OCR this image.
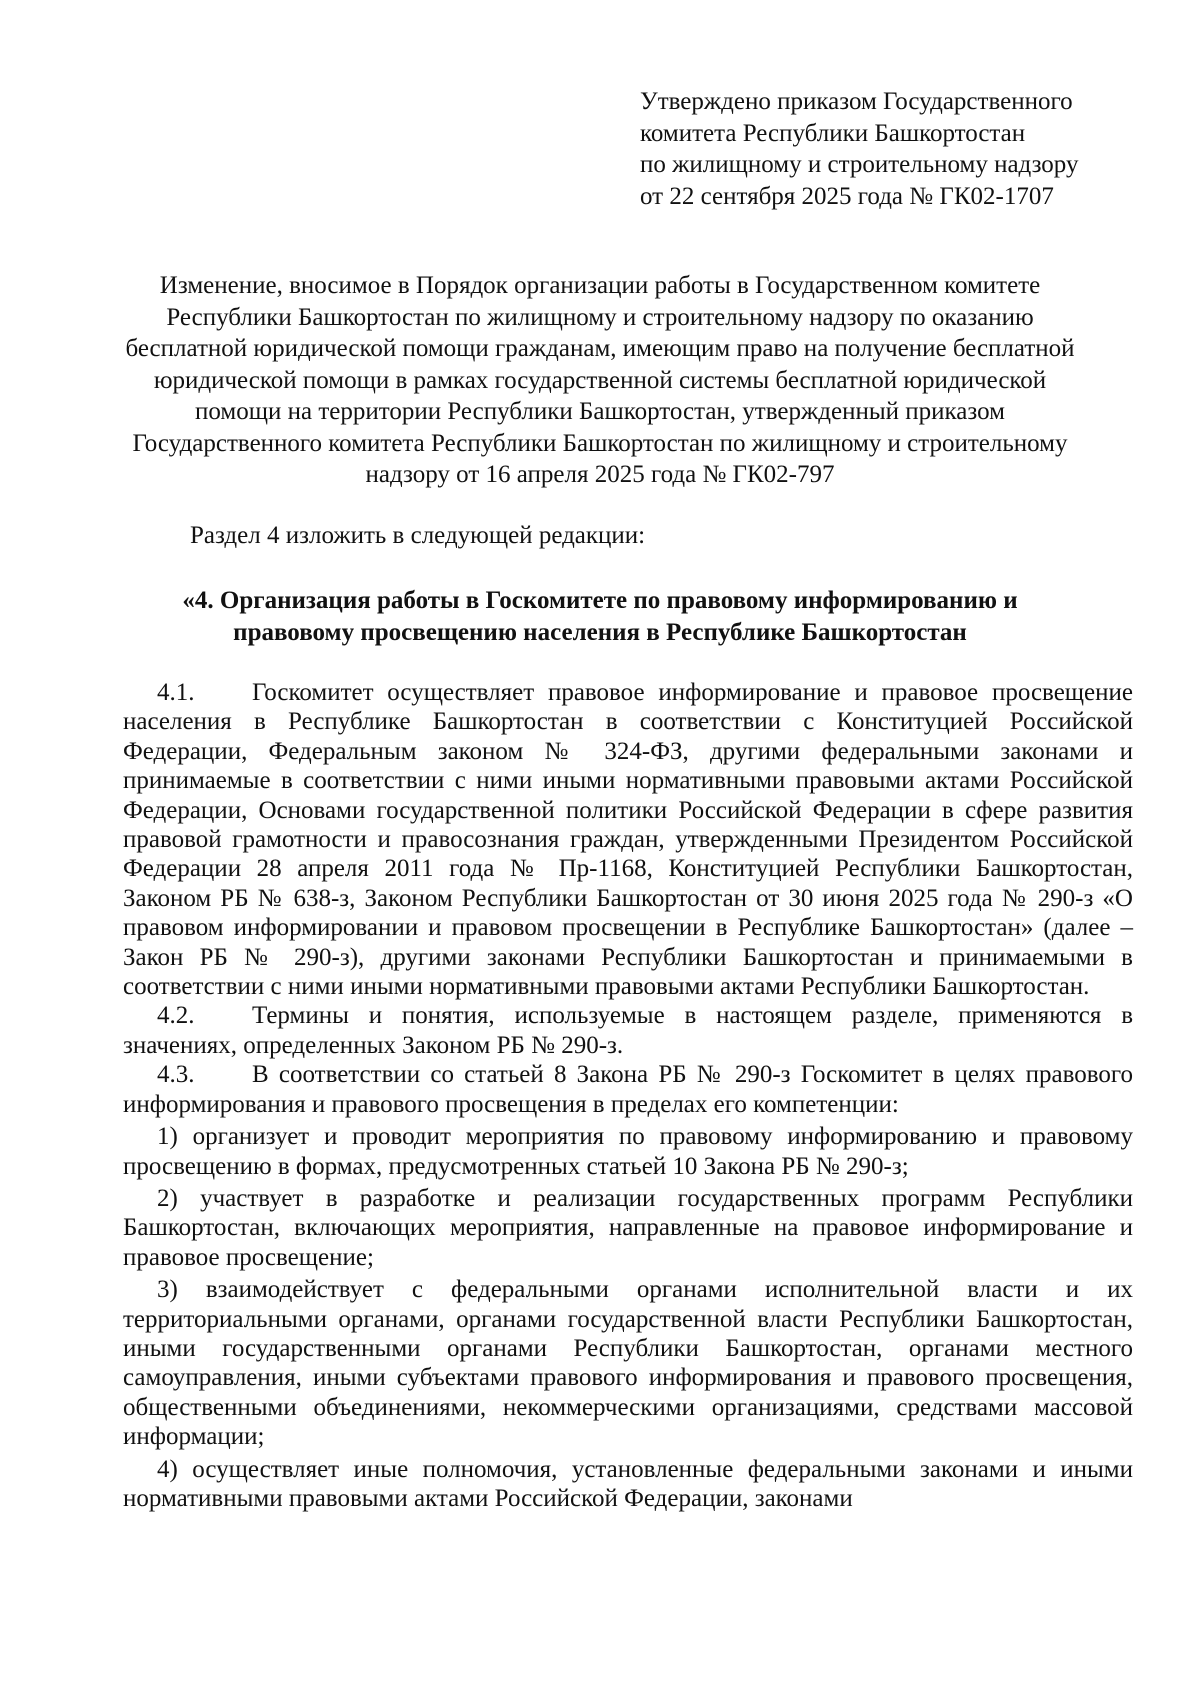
Утверждено приказом Государственного
комитета Республики Башкортостан
по жилищному и строительному надзору
от 22 сентября 2025 года № ГК02-1707
Изменение, вносимое в Порядок организации работы в Государственном комитете Республики Башкортостан по жилищному и строительному надзору по оказанию бесплатной юридической помощи гражданам, имеющим право на получение бесплатной юридической помощи в рамках государственной системы бесплатной юридической помощи на территории Республики Башкортостан, утвержденный приказом Государственного комитета Республики Башкортостан по жилищному и строительному надзору от 16 апреля 2025 года № ГК02-797
Раздел 4 изложить в следующей редакции:
«4. Организация работы в Госкомитете по правовому информированию и правовому просвещению населения в Республике Башкортостан

4.1. Госкомитет осуществляет правовое информирование и правовое просвещение населения в Республике Башкортостан в соответствии с Конституцией Российской Федерации, Федеральным законом № 324-ФЗ, другими федеральными законами и принимаемые в соответствии с ними иными нормативными правовыми актами Российской Федерации, Основами государственной политики Российской Федерации в сфере развития правовой грамотности и правосознания граждан, утвержденными Президентом Российской Федерации 28 апреля 2011 года № Пр-1168, Конституцией Республики Башкортостан, Законом РБ № 638-з, Законом Республики Башкортостан от 30 июня 2025 года № 290-з «О правовом информировании и правовом просвещении в Республике Башкортостан» (далее – Закон РБ № 290-з), другими законами Республики Башкортостан и принимаемыми в соответствии с ними иными нормативными правовыми актами Республики Башкортостан.

4.2. Термины и понятия, используемые в настоящем разделе, применяются в значениях, определенных Законом РБ № 290-з.

4.3. В соответствии со статьей 8 Закона РБ № 290-з Госкомитет в целях правового информирования и правового просвещения в пределах его компетенции:

1) организует и проводит мероприятия по правовому информированию и правовому просвещению в формах, предусмотренных статьей 10 Закона РБ № 290-з;

2) участвует в разработке и реализации государственных программ Республики Башкортостан, включающих мероприятия, направленные на правовое информирование и правовое просвещение;

3) взаимодействует с федеральными органами исполнительной власти и их территориальными органами, органами государственной власти Республики Башкортостан, иными государственными органами Республики Башкортостан, органами местного самоуправления, иными субъектами правового информирования и правового просвещения, общественными объединениями, некоммерческими организациями, средствами массовой информации;

4) осуществляет иные полномочия, установленные федеральными законами и иными нормативными правовыми актами Российской Федерации, законами
